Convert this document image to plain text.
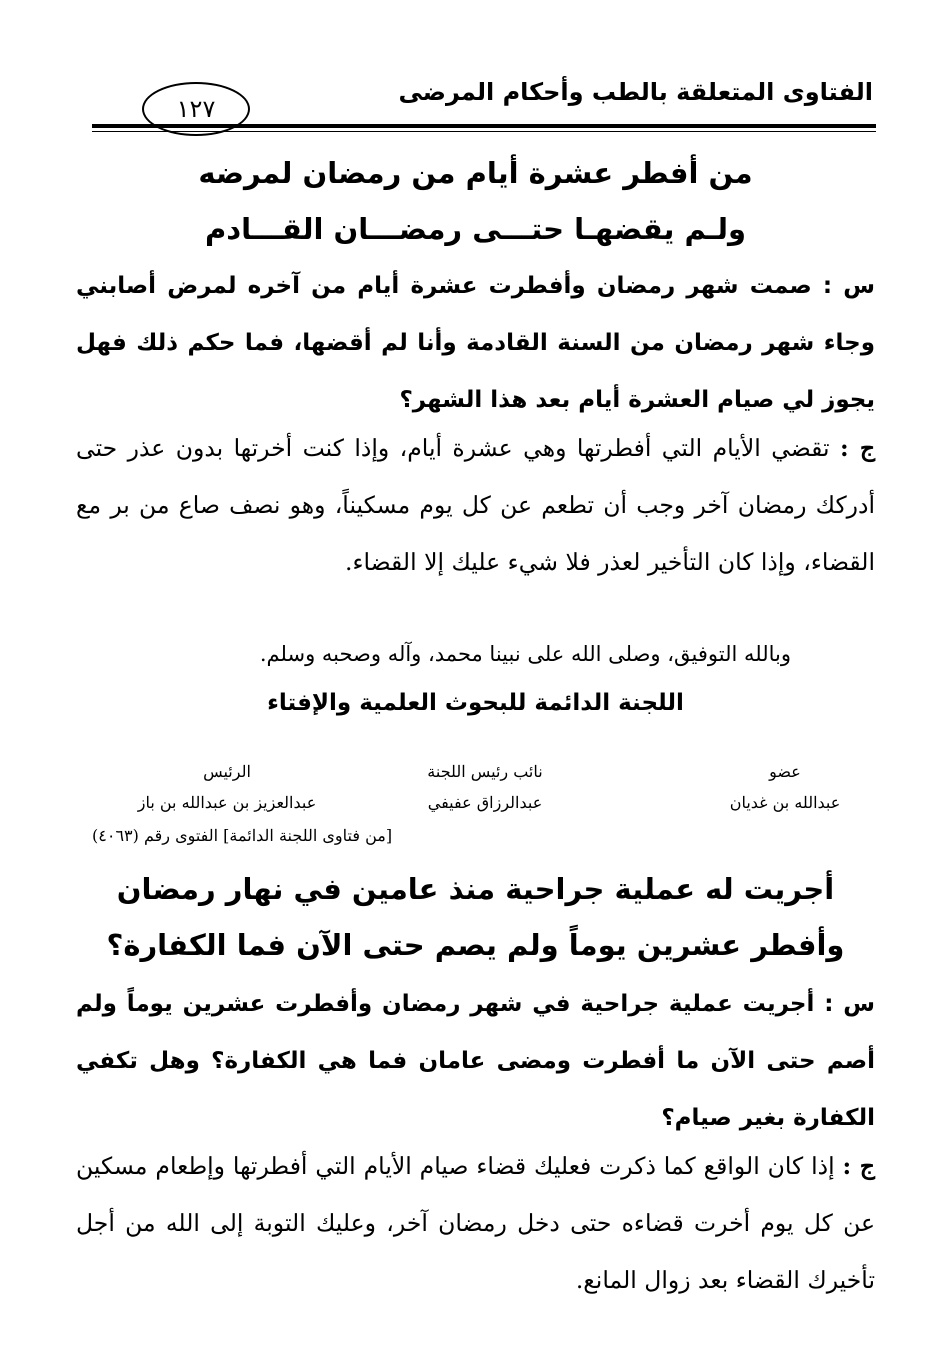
الفتاوى المتعلقة بالطب وأحكام المرضى
١٢٧
من أفطر عشرة أيام من رمضان لمرضه
ولـم يقضهـا حتـــى رمضـــان القـــادم

س : صمت شهر رمضان وأفطرت عشرة أيام من آخره لمرض أصابني وجاء شهر رمضان من السنة القادمة وأنا لم أقضها، فما حكم ذلك فهل يجوز لي صيام العشرة أيام بعد هذا الشهر؟

ج : تقضي الأيام التي أفطرتها وهي عشرة أيام، وإذا كنت أخرتها بدون عذر حتى أدركك رمضان آخر وجب أن تطعم عن كل يوم مسكيناً، وهو نصف صاع من بر مع القضاء، وإذا كان التأخير لعذر فلا شيء عليك إلا القضاء.

وبالله التوفيق، وصلى الله على نبينا محمد، وآله وصحبه وسلم.
اللجنة الدائمة للبحوث العلمية والإفتاء
الرئيس
عبدالعزيز بن عبدالله بن باز
نائب رئيس اللجنة
عبدالرزاق عفيفي
عضو
عبدالله بن غديان
[من فتاوى اللجنة الدائمة] الفتوى رقم (٤٠٦٣)
أجريت له عملية جراحية منذ عامين في نهار رمضان
وأفطر عشرين يوماً ولم يصم حتى الآن فما الكفارة؟

س : أجريت عملية جراحية في شهر رمضان وأفطرت عشرين يوماً ولم أصم حتى الآن ما أفطرت ومضى عامان فما هي الكفارة؟ وهل تكفي الكفارة بغير صيام؟

ج : إذا كان الواقع كما ذكرت فعليك قضاء صيام الأيام التي أفطرتها وإطعام مسكين عن كل يوم أخرت قضاءه حتى دخل رمضان آخر، وعليك التوبة إلى الله من أجل تأخيرك القضاء بعد زوال المانع.
